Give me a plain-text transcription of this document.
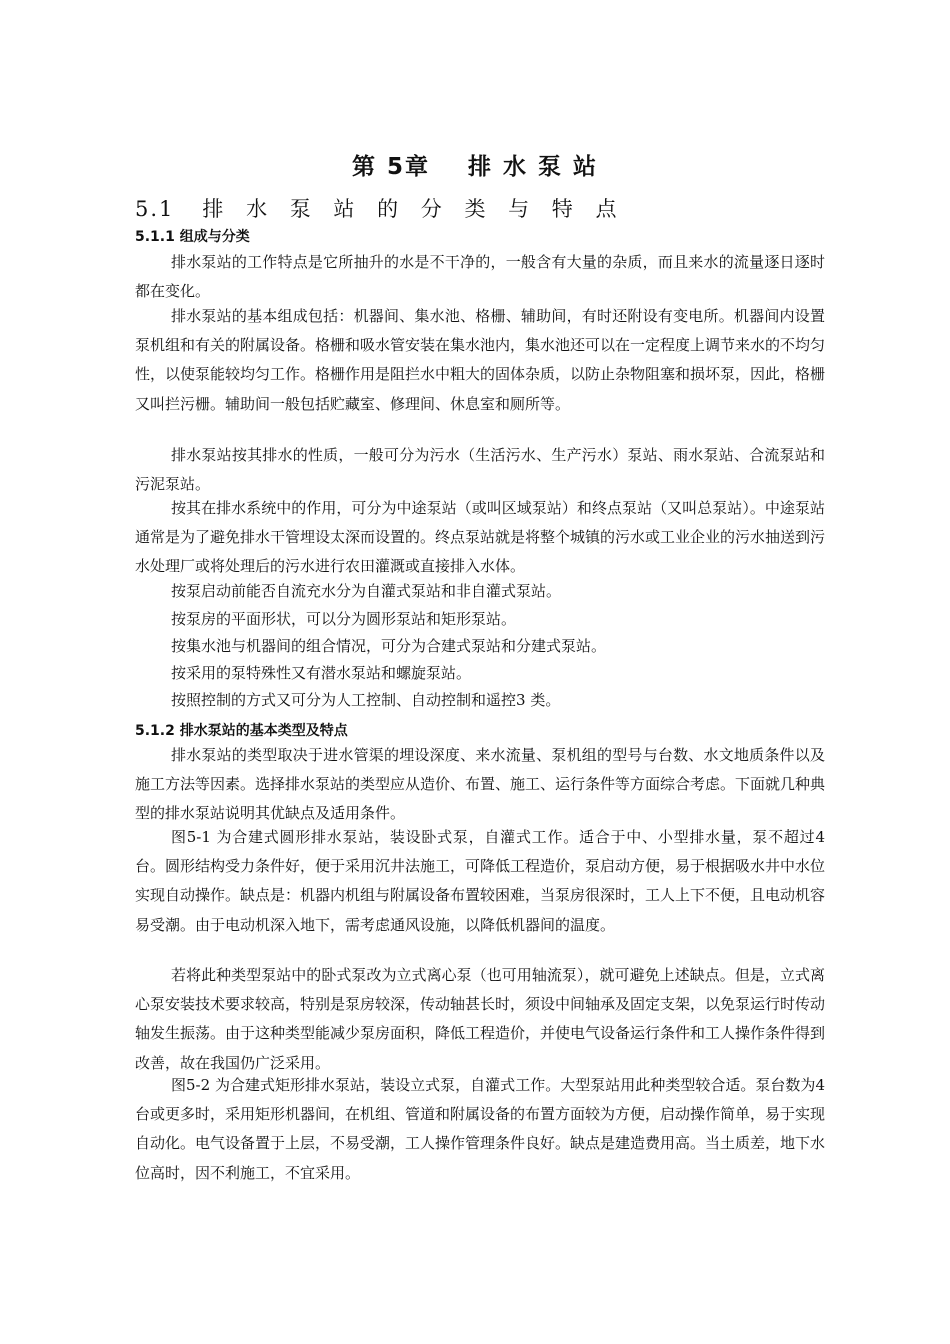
第 5章 排 水 泵 站
5.1 排 水 泵 站 的 分 类 与 特 点
5.1.1 组成与分类

排水泵站的工作特点是它所抽升的水是不干净的，一般含有大量的杂质，而且来水的流量逐日逐时都在变化。

排水泵站的基本组成包括：机器间、集水池、格栅、辅助间，有时还附设有变电所。机器间内设置泵机组和有关的附属设备。格栅和吸水管安装在集水池内，集水池还可以在一定程度上调节来水的不均匀性，以使泵能较均匀工作。格栅作用是阻拦水中粗大的固体杂质，以防止杂物阻塞和损坏泵，因此，格栅又叫拦污栅。辅助间一般包括贮藏室、修理间、休息室和厕所等。

排水泵站按其排水的性质，一般可分为污水（生活污水、生产污水）泵站、雨水泵站、合流泵站和污泥泵站。

按其在排水系统中的作用，可分为中途泵站（或叫区域泵站）和终点泵站（又叫总泵站）。中途泵站通常是为了避免排水干管埋设太深而设置的。终点泵站就是将整个城镇的污水或工业企业的污水抽送到污水处理厂或将处理后的污水进行农田灌溉或直接排入水体。

按泵启动前能否自流充水分为自灌式泵站和非自灌式泵站。

按泵房的平面形状，可以分为圆形泵站和矩形泵站。

按集水池与机器间的组合情况，可分为合建式泵站和分建式泵站。

按采用的泵特殊性又有潜水泵站和螺旋泵站。

按照控制的方式又可分为人工控制、自动控制和遥控3 类。

5.1.2 排水泵站的基本类型及特点

排水泵站的类型取决于进水管渠的埋设深度、来水流量、泵机组的型号与台数、水文地质条件以及施工方法等因素。选择排水泵站的类型应从造价、布置、施工、运行条件等方面综合考虑。下面就几种典型的排水泵站说明其优缺点及适用条件。

图5-1 为合建式圆形排水泵站，装设卧式泵，自灌式工作。适合于中、小型排水量，泵不超过4 台。圆形结构受力条件好，便于采用沉井法施工，可降低工程造价，泵启动方便，易于根据吸水井中水位实现自动操作。缺点是：机器内机组与附属设备布置较困难，当泵房很深时，工人上下不便，且电动机容易受潮。由于电动机深入地下，需考虑通风设施，以降低机器间的温度。

若将此种类型泵站中的卧式泵改为立式离心泵（也可用轴流泵），就可避免上述缺点。但是，立式离心泵安装技术要求较高，特别是泵房较深，传动轴甚长时，须设中间轴承及固定支架，以免泵运行时传动轴发生振荡。由于这种类型能减少泵房面积，降低工程造价，并使电气设备运行条件和工人操作条件得到改善，故在我国仍广泛采用。

图5-2 为合建式矩形排水泵站，装设立式泵，自灌式工作。大型泵站用此种类型较合适。泵台数为4 台或更多时，采用矩形机器间，在机组、管道和附属设备的布置方面较为方便，启动操作简单，易于实现自动化。电气设备置于上层，不易受潮，工人操作管理条件良好。缺点是建造费用高。当土质差，地下水位高时，因不利施工，不宜采用。
